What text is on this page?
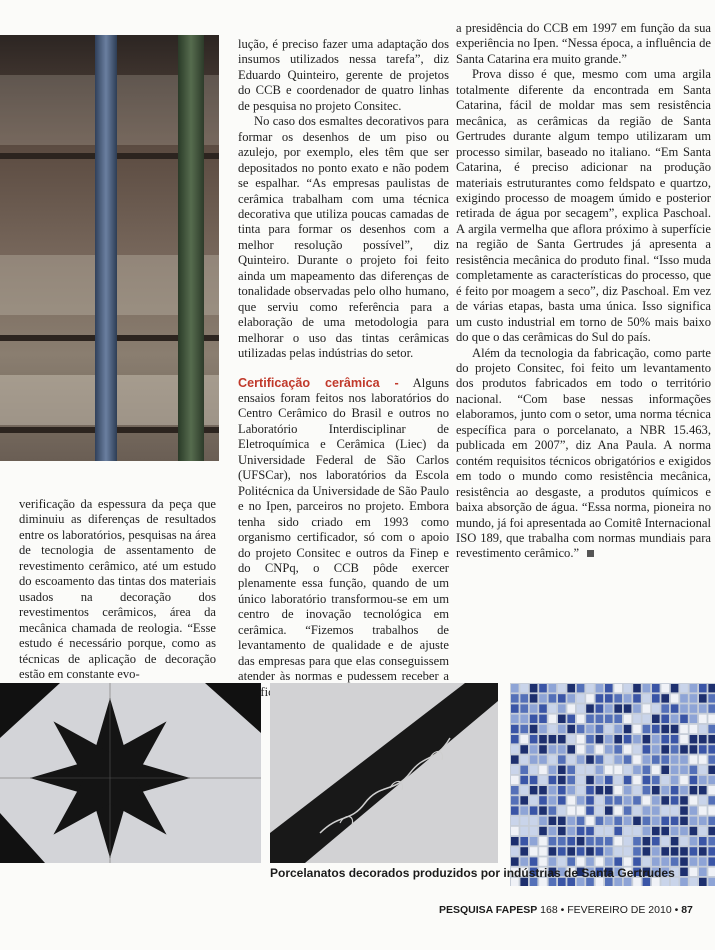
verificação da espessura da peça que diminuiu as diferenças de resultados entre os laboratórios, pesquisas na área de tecnologia de assentamento de revestimento cerâmico, até um estudo do escoamento das tintas dos materiais usados na decoração dos revestimentos cerâmicos, área da mecânica chamada de reologia. “Esse estudo é necessário porque, como as técnicas de aplicação de decoração estão em constante evo-

lução, é preciso fazer uma adaptação dos insumos utilizados nessa tarefa”, diz Eduardo Quinteiro, gerente de projetos do CCB e coordenador de quatro linhas de pesquisa no projeto Consitec.

No caso dos esmaltes decorativos para formar os desenhos de um piso ou azulejo, por exemplo, eles têm que ser depositados no ponto exato e não podem se espalhar. “As empresas paulistas de cerâmica trabalham com uma técnica decorativa que utiliza poucas camadas de tinta para formar os desenhos com a melhor resolução possível”, diz Quinteiro. Durante o projeto foi feito ainda um mapeamento das diferenças de tonalidade observadas pelo olho humano, que serviu como referência para a elaboração de uma metodologia para melhorar o uso das tintas cerâmicas utilizadas pelas indústrias do setor.

Certificação cerâmica - Alguns ensaios foram feitos nos laboratórios do Centro Cerâmico do Brasil e outros no Laboratório Interdisciplinar de Eletroquímica e Cerâmica (Liec) da Universidade Federal de São Carlos (UFSCar), nos laboratórios da Escola Politécnica da Universidade de São Paulo e no Ipen, parceiros no projeto. Embora tenha sido criado em 1993 como organismo certificador, só com o apoio do projeto Consitec e outros da Finep e do CNPq, o CCB pôde exercer plenamente essa função, quando de um único laboratório transformou-se em um centro de inovação tecnológica em cerâmica. “Fizemos trabalhos de levantamento de qualidade e de ajuste das empresas para que elas conseguissem atender às normas e pudessem receber a

a presidência do CCB em 1997 em função da sua experiência no Ipen. “Nessa época, a influência de Santa Catarina era muito grande.”

Prova disso é que, mesmo com uma argila totalmente diferente da encontrada em Santa Catarina, fácil de moldar mas sem resistência mecânica, as cerâmicas da região de Santa Gertrudes durante algum tempo utilizaram um processo similar, baseado no italiano. “Em Santa Catarina, é preciso adicionar na produção materiais estruturantes como feldspato e quartzo, exigindo processo de moagem úmido e posterior retirada de água por secagem”, explica Paschoal. A argila vermelha que aflora próximo à superfície na região de Santa Gertrudes já apresenta a resistência mecânica do produto final. “Isso muda completamente as características do processo, que é feito por moagem a seco”, diz Paschoal. Em vez de várias etapas, basta uma única. Isso significa um custo industrial em torno de 50% mais baixo do que o das cerâmicas do Sul do país.

Além da tecnologia da fabricação, como parte do projeto Consitec, foi feito um levantamento dos produtos fabricados em todo o território nacional. “Com base nessas informações elaboramos, junto com o setor, uma norma técnica específica para o porcelanato, a NBR 15.463, publicada em 2007”, diz Ana Paula. A norma contém requisitos técnicos obrigatórios e exigidos em todo o mundo como resistência mecânica, resistência ao desgaste, a produtos químicos e baixa absorção de água. “Essa norma, pioneira no mundo, já foi apresentada ao Comitê Internacional ISO 189, que trabalha com normas mundiais para revestimento cerâmico.”

Porcelanatos decorados produzidos por indústrias de Santa Gertrudes
PESQUISA FAPESP 168 • FEVEREIRO DE 2010 • 87
